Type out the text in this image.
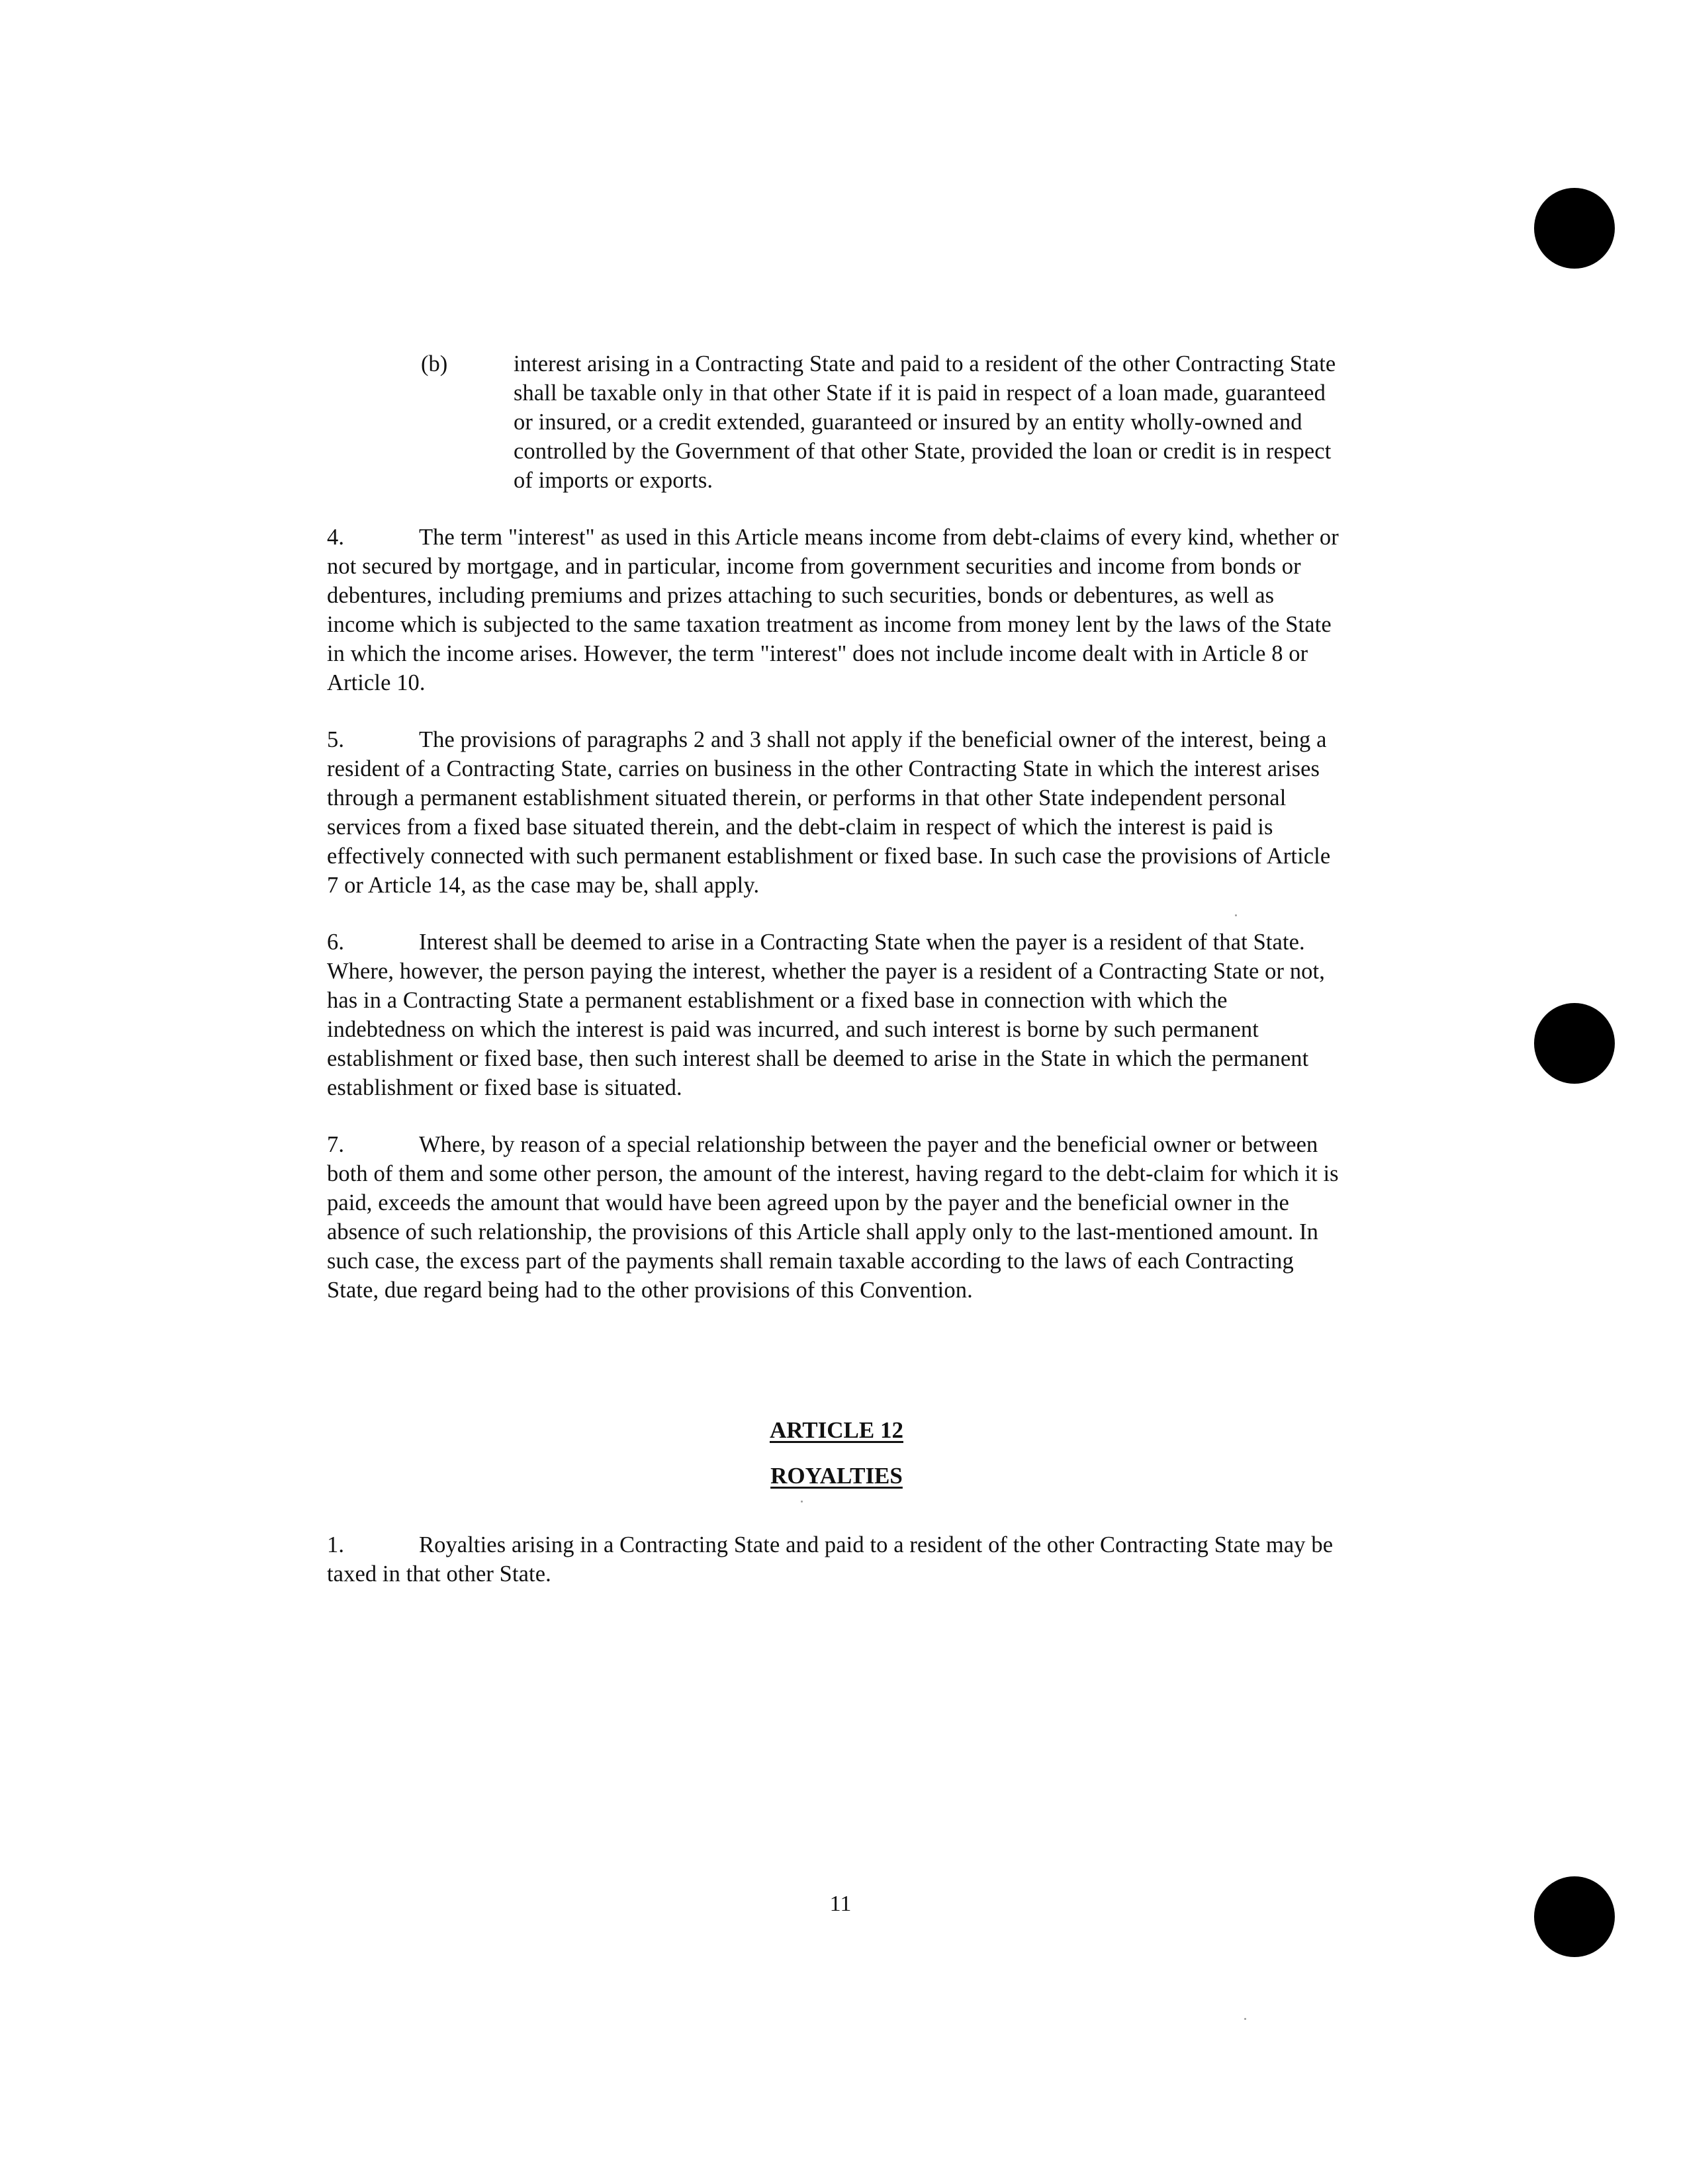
(b)	interest arising in a Contracting State and paid to a resident of the other Contracting State shall be taxable only in that other State if it is paid in respect of a loan made, guaranteed or insured, or a credit extended, guaranteed or insured by an entity wholly-owned and controlled by the Government of that other State, provided the loan or credit is in respect of imports or exports.

4.	The term "interest" as used in this Article means income from debt-claims of every kind, whether or not secured by mortgage, and in particular, income from government securities and income from bonds or debentures, including premiums and prizes attaching to such securities, bonds or debentures, as well as income which is subjected to the same taxation treatment as income from money lent by the laws of the State in which the income arises. However, the term "interest" does not include income dealt with in Article 8 or Article 10.

5.	The provisions of paragraphs 2 and 3 shall not apply if the beneficial owner of the interest, being a resident of a Contracting State, carries on business in the other Contracting State in which the interest arises through a permanent establishment situated therein, or performs in that other State independent personal services from a fixed base situated therein, and the debt-claim in respect of which the interest is paid is effectively connected with such permanent establishment or fixed base. In such case the provisions of Article 7 or Article 14, as the case may be, shall apply.

6.	Interest shall be deemed to arise in a Contracting State when the payer is a resident of that State. Where, however, the person paying the interest, whether the payer is a resident of a Contracting State or not, has in a Contracting State a permanent establishment or a fixed base in connection with which the indebtedness on which the interest is paid was incurred, and such interest is borne by such permanent establishment or fixed base, then such interest shall be deemed to arise in the State in which the permanent establishment or fixed base is situated.

7.	Where, by reason of a special relationship between the payer and the beneficial owner or between both of them and some other person, the amount of the interest, having regard to the debt-claim for which it is paid, exceeds the amount that would have been agreed upon by the payer and the beneficial owner in the absence of such relationship, the provisions of this Article shall apply only to the last-mentioned amount. In such case, the excess part of the payments shall remain taxable according to the laws of each Contracting State, due regard being had to the other provisions of this Convention.

ARTICLE 12
ROYALTIES

1.	Royalties arising in a Contracting State and paid to a resident of the other Contracting State may be taxed in that other State.

11
